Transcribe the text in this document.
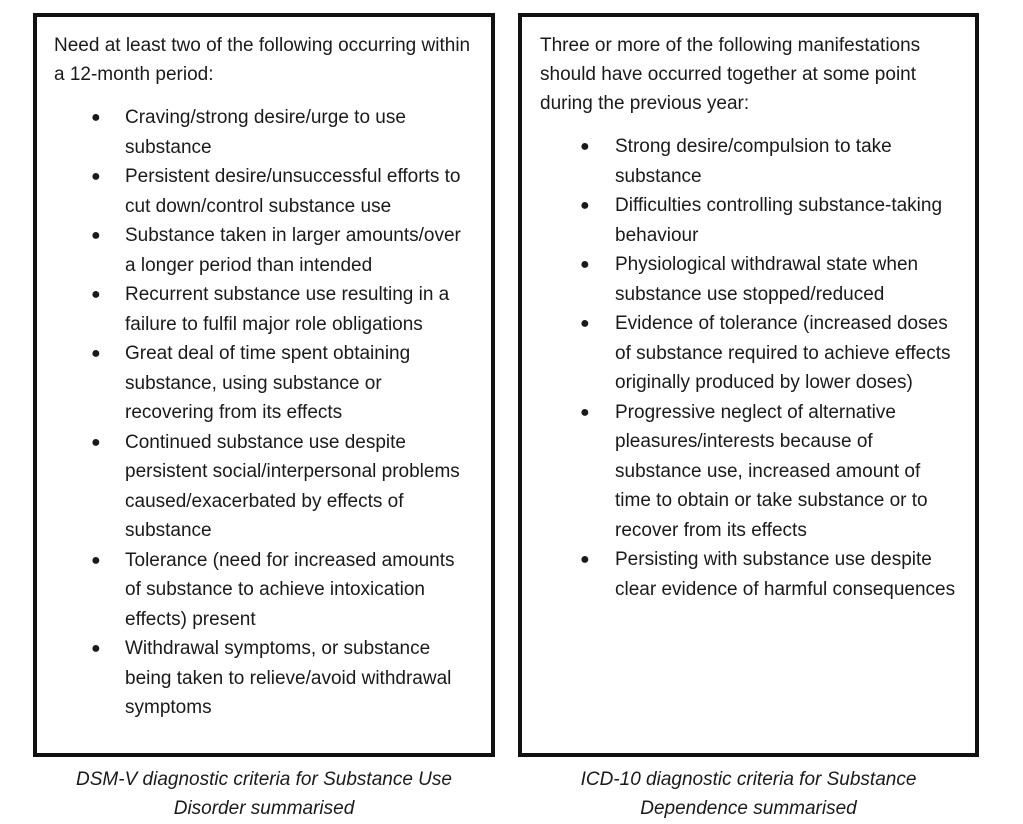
Need at least two of the following occurring within a 12-month period:

● Craving/strong desire/urge to use substance
● Persistent desire/unsuccessful efforts to cut down/control substance use
● Substance taken in larger amounts/over a longer period than intended
● Recurrent substance use resulting in a failure to fulfil major role obligations
● Great deal of time spent obtaining substance, using substance or recovering from its effects
● Continued substance use despite persistent social/interpersonal problems caused/exacerbated by effects of substance
● Tolerance (need for increased amounts of substance to achieve intoxication effects) present
● Withdrawal symptoms, or substance being taken to relieve/avoid withdrawal symptoms

Three or more of the following manifestations should have occurred together at some point during the previous year:

● Strong desire/compulsion to take substance
● Difficulties controlling substance-taking behaviour
● Physiological withdrawal state when substance use stopped/reduced
● Evidence of tolerance (increased doses of substance required to achieve effects originally produced by lower doses)
● Progressive neglect of alternative pleasures/interests because of substance use, increased amount of time to obtain or take substance or to recover from its effects
● Persisting with substance use despite clear evidence of harmful consequences
DSM-V diagnostic criteria for Substance Use
Disorder summarised
ICD-10 diagnostic criteria for Substance
Dependence summarised
